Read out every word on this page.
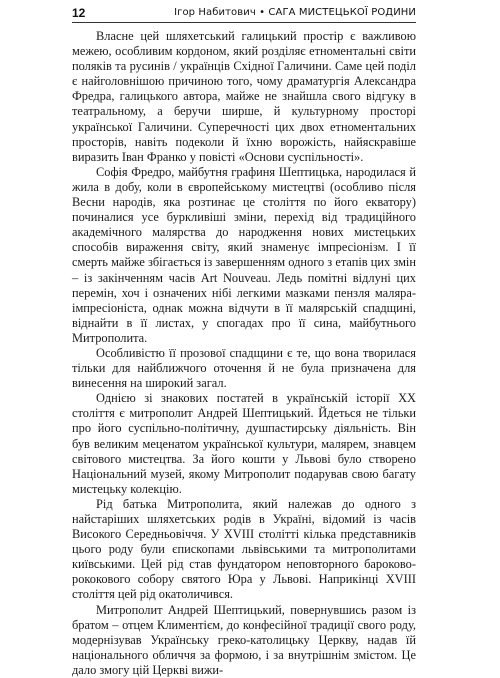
12	Ігор Набитович • САГА МИСТЕЦЬКОЇ РОДИНИ

Власне цей шляхетський галицький простір є важливою межею, особливим кордоном, який розділяє етноментальні світи поляків та русинів / українців Східної Галичини. Саме цей поділ є найголовнішою причиною того, чому драматургія Александра Фредра, галицького автора, майже не знайшла свого відгуку в театральному, а беручи ширше, й культурному просторі української Галичини. Суперечності цих двох етноментальних просторів, навіть подеколи й їхню ворожість, найяскравіше виразить Іван Франко у повісті «Основи суспільності».

Софія Фредро, майбутня графиня Шептицька, народилася й жила в добу, коли в європейському мистецтві (особливо після Весни народів, яка розтинає це століття по його екватору) починалися усе буркливіші зміни, перехід від традиційного академічного малярства до народження нових мистецьких способів вираження світу, який знаменує імпресіонізм. І її смерть майже збігається із завершенням одного з етапів цих змін – із закінченням часів Art Nouveau. Ледь помітні відлуні цих перемін, хоч і означених нібі легкими мазками пензля маляра-імпресіоніста, однак можна відчути в її малярській спадщині, віднайти в її листах, у спогадах про її сина, майбутнього Митрополита.

Особливістю її прозової спадщини є те, що вона творилася тільки для найближчого оточення й не була призначена для винесення на широкий загал.

Однією зі знакових постатей в українській історії XX століття є митрополит Андрей Шептицький. Йдеться не тільки про його суспільно-політичну, душпастирську діяльність. Він був великим меценатом української культури, малярем, знавцем світового мистецтва. За його кошти у Львові було створено Національний музей, якому Митрополит подарував свою багату мистецьку колекцію.

Рід батька Митрополита, який належав до одного з найстаріших шляхетських родів в Україні, відомий із часів Високого Середньовіччя. У XVIII столітті кілька представників цього роду були єпископами львівськими та митрополитами київськими. Цей рід став фундатором неповторного бароково-рококового собору святого Юра у Львові. Наприкінці XVIII століття цей рід окатоличився.

Митрополит Андрей Шептицький, повернувшись разом із братом – отцем Климентієм, до конфесійної традиції свого роду, модернізував Українську греко-католицьку Церкву, надав їй національного обличчя за формою, і за внутрішнім змістом. Це дало змогу цій Церкві вижи-
